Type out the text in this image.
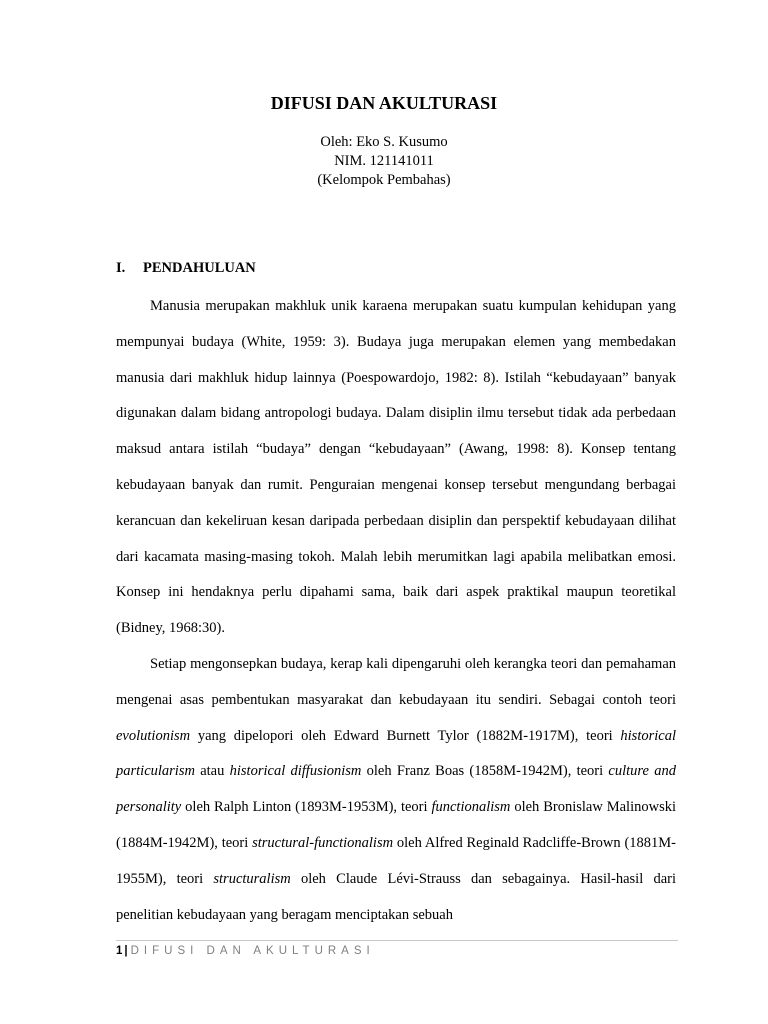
DIFUSI DAN AKULTURASI
Oleh: Eko S. Kusumo
NIM. 121141011
(Kelompok Pembahas)
I. PENDAHULUAN

Manusia merupakan makhluk unik karaena merupakan suatu kumpulan kehidupan yang mempunyai budaya (White, 1959: 3). Budaya juga merupakan elemen yang membedakan manusia dari makhluk hidup lainnya (Poespowardojo, 1982: 8). Istilah “kebudayaan” banyak digunakan dalam bidang antropologi budaya. Dalam disiplin ilmu tersebut tidak ada perbedaan maksud antara istilah “budaya” dengan “kebudayaan” (Awang, 1998: 8). Konsep tentang kebudayaan banyak dan rumit. Penguraian mengenai konsep tersebut mengundang berbagai kerancuan dan kekeliruan kesan daripada perbedaan disiplin dan perspektif kebudayaan dilihat dari kacamata masing-masing tokoh. Malah lebih merumitkan lagi apabila melibatkan emosi. Konsep ini hendaknya perlu dipahami sama, baik dari aspek praktikal maupun teoretikal (Bidney, 1968:30).

Setiap mengonsepkan budaya, kerap kali dipengaruhi oleh kerangka teori dan pemahaman mengenai asas pembentukan masyarakat dan kebudayaan itu sendiri. Sebagai contoh teori evolutionism yang dipelopori oleh Edward Burnett Tylor (1882M-1917M), teori historical particularism atau historical diffusionism oleh Franz Boas (1858M-1942M), teori culture and personality oleh Ralph Linton (1893M-1953M), teori functionalism oleh Bronislaw Malinowski (1884M-1942M), teori structural-functionalism oleh Alfred Reginald Radcliffe-Brown (1881M-1955M), teori structuralism oleh Claude Lévi-Strauss dan sebagainya. Hasil-hasil dari penelitian kebudayaan yang beragam menciptakan sebuah

1 | DIFUSI DAN AKULTURASI
